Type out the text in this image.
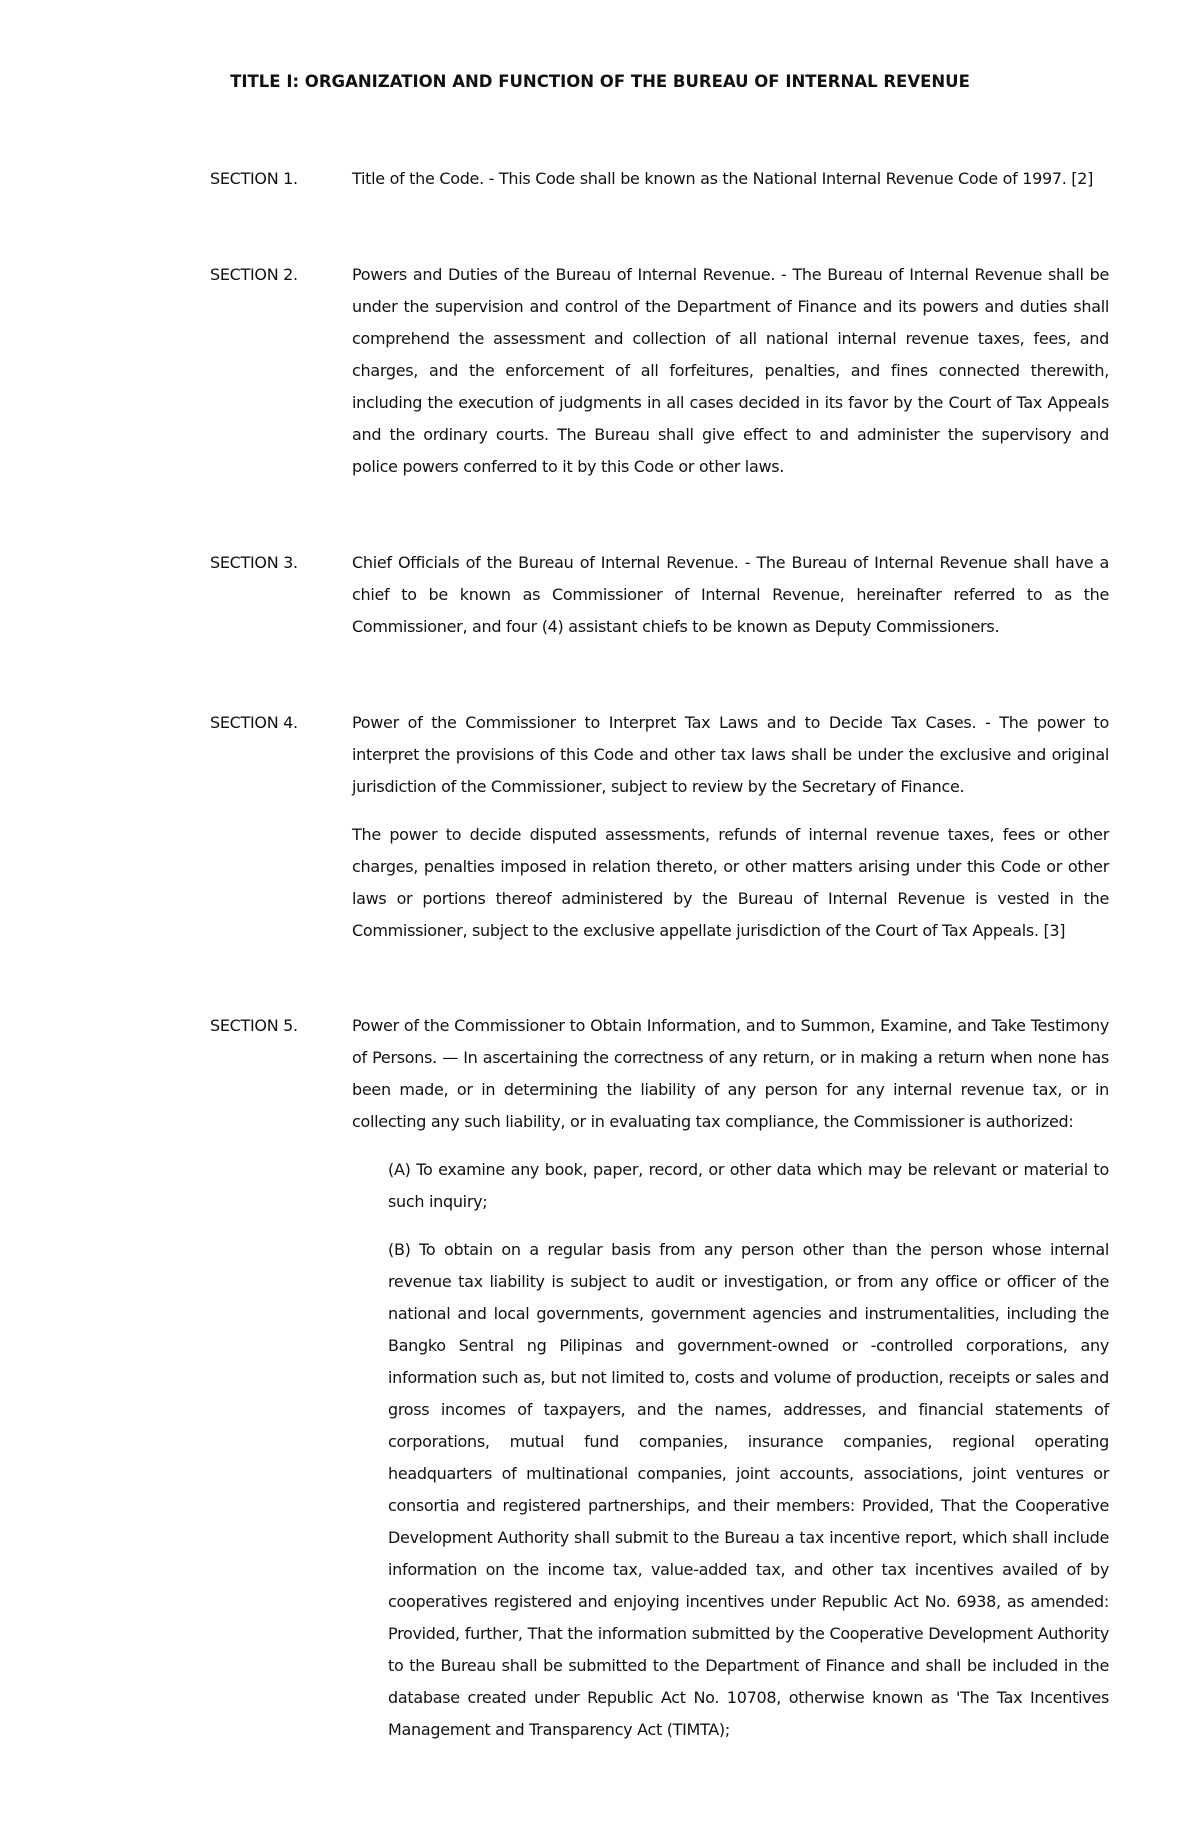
TITLE I: ORGANIZATION AND FUNCTION OF THE BUREAU OF INTERNAL REVENUE
SECTION 1.	Title of the Code. - This Code shall be known as the National Internal Revenue Code of 1997. [2]

SECTION 2.	Powers and Duties of the Bureau of Internal Revenue. - The Bureau of Internal Revenue shall be under the supervision and control of the Department of Finance and its powers and duties shall comprehend the assessment and collection of all national internal revenue taxes, fees, and charges, and the enforcement of all forfeitures, penalties, and fines connected therewith, including the execution of judgments in all cases decided in its favor by the Court of Tax Appeals and the ordinary courts. The Bureau shall give effect to and administer the supervisory and police powers conferred to it by this Code or other laws.

SECTION 3.	Chief Officials of the Bureau of Internal Revenue. - The Bureau of Internal Revenue shall have a chief to be known as Commissioner of Internal Revenue, hereinafter referred to as the Commissioner, and four (4) assistant chiefs to be known as Deputy Commissioners.

SECTION 4.	Power of the Commissioner to Interpret Tax Laws and to Decide Tax Cases. - The power to interpret the provisions of this Code and other tax laws shall be under the exclusive and original jurisdiction of the Commissioner, subject to review by the Secretary of Finance.

The power to decide disputed assessments, refunds of internal revenue taxes, fees or other charges, penalties imposed in relation thereto, or other matters arising under this Code or other laws or portions thereof administered by the Bureau of Internal Revenue is vested in the Commissioner, subject to the exclusive appellate jurisdiction of the Court of Tax Appeals. [3]

SECTION 5.	Power of the Commissioner to Obtain Information, and to Summon, Examine, and Take Testimony of Persons. — In ascertaining the correctness of any return, or in making a return when none has been made, or in determining the liability of any person for any internal revenue tax, or in collecting any such liability, or in evaluating tax compliance, the Commissioner is authorized:

(A) To examine any book, paper, record, or other data which may be relevant or material to such inquiry;

(B) To obtain on a regular basis from any person other than the person whose internal revenue tax liability is subject to audit or investigation, or from any office or officer of the national and local governments, government agencies and instrumentalities, including the Bangko Sentral ng Pilipinas and government-owned or -controlled corporations, any information such as, but not limited to, costs and volume of production, receipts or sales and gross incomes of taxpayers, and the names, addresses, and financial statements of corporations, mutual fund companies, insurance companies, regional operating headquarters of multinational companies, joint accounts, associations, joint ventures or consortia and registered partnerships, and their members: Provided, That the Cooperative Development Authority shall submit to the Bureau a tax incentive report, which shall include information on the income tax, value-added tax, and other tax incentives availed of by cooperatives registered and enjoying incentives under Republic Act No. 6938, as amended: Provided, further, That the information submitted by the Cooperative Development Authority to the Bureau shall be submitted to the Department of Finance and shall be included in the database created under Republic Act No. 10708, otherwise known as 'The Tax Incentives Management and Transparency Act (TIMTA);
